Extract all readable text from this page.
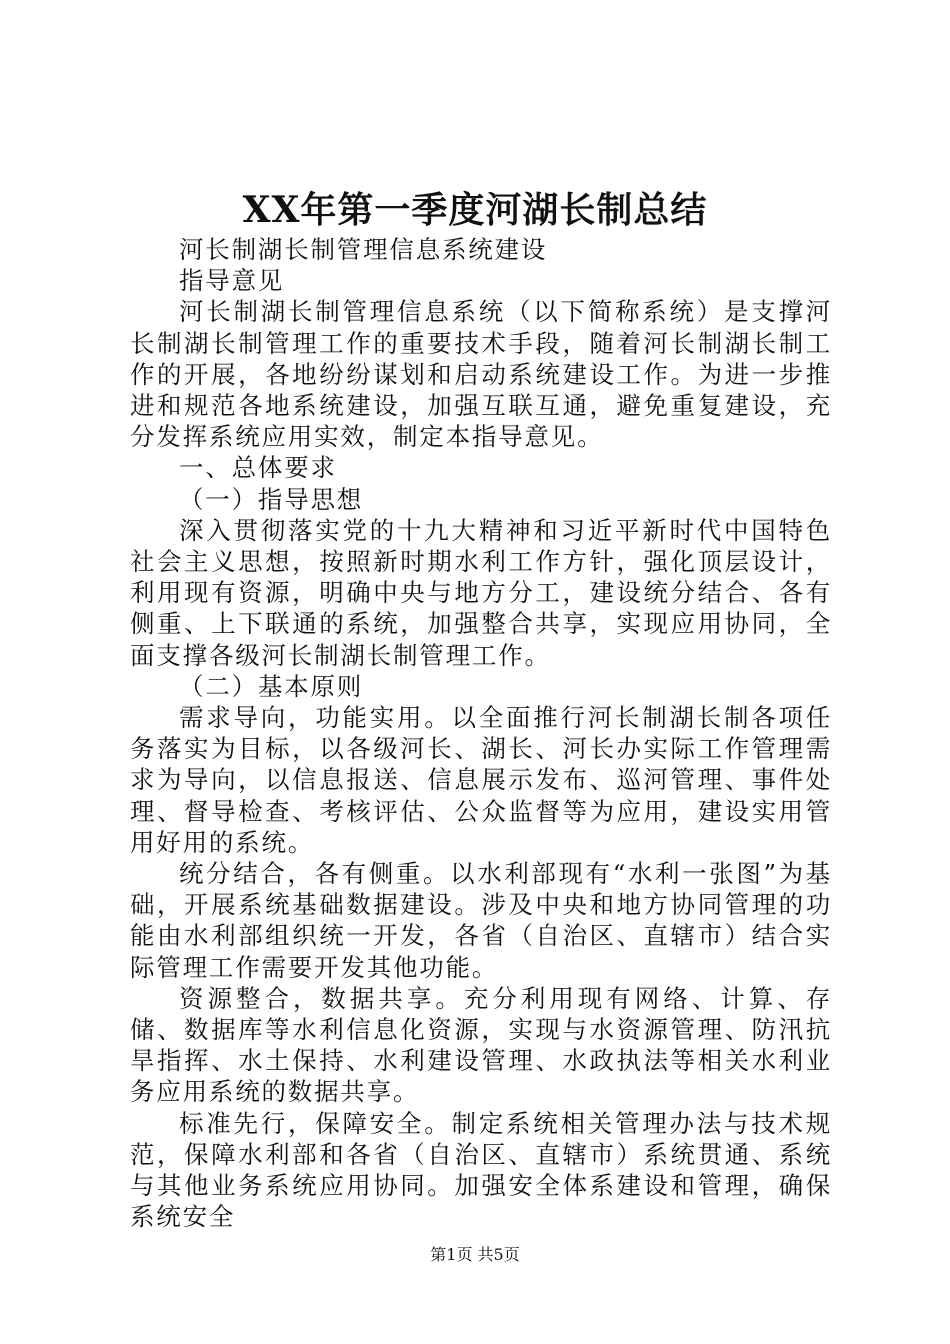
XX年第一季度河湖长制总结

河长制湖长制管理信息系统建设

指导意见

河长制湖长制管理信息系统（以下简称系统）是支撑河长制湖长制管理工作的重要技术手段，随着河长制湖长制工作的开展，各地纷纷谋划和启动系统建设工作。为进一步推进和规范各地系统建设，加强互联互通，避免重复建设，充分发挥系统应用实效，制定本指导意见。

一、总体要求

（一）指导思想

深入贯彻落实党的十九大精神和习近平新时代中国特色社会主义思想，按照新时期水利工作方针，强化顶层设计，利用现有资源，明确中央与地方分工，建设统分结合、各有侧重、上下联通的系统，加强整合共享，实现应用协同，全面支撑各级河长制湖长制管理工作。

（二）基本原则

需求导向，功能实用。以全面推行河长制湖长制各项任务落实为目标，以各级河长、湖长、河长办实际工作管理需求为导向，以信息报送、信息展示发布、巡河管理、事件处理、督导检查、考核评估、公众监督等为应用，建设实用管用好用的系统。

统分结合，各有侧重。以水利部现有“水利一张图”为基础，开展系统基础数据建设。涉及中央和地方协同管理的功能由水利部组织统一开发，各省（自治区、直辖市）结合实际管理工作需要开发其他功能。

资源整合，数据共享。充分利用现有网络、计算、存储、数据库等水利信息化资源，实现与水资源管理、防汛抗旱指挥、水土保持、水利建设管理、水政执法等相关水利业务应用系统的数据共享。

标准先行，保障安全。制定系统相关管理办法与技术规范，保障水利部和各省（自治区、直辖市）系统贯通、系统与其他业务系统应用协同。加强安全体系建设和管理，确保系统安全

第1页 共5页
